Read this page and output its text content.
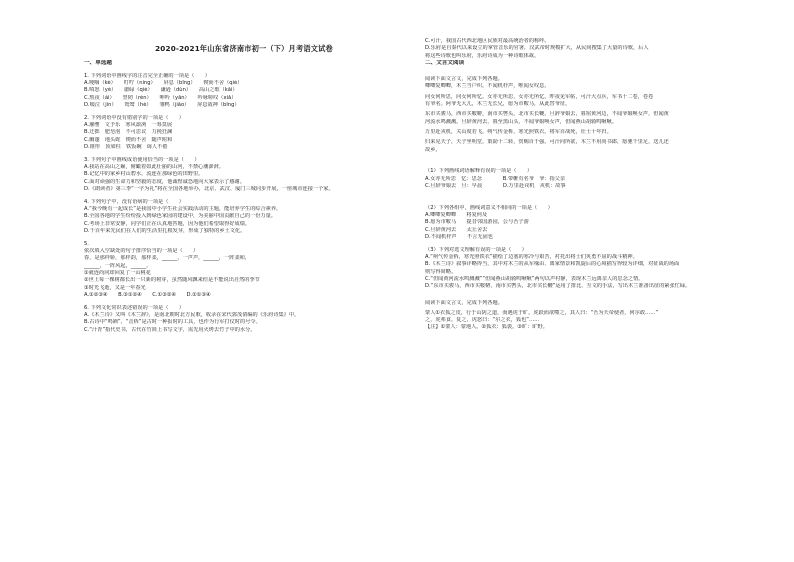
2020-2021年山东省济南市初一（下）月考语文试卷
一、单选题
1. 下列词语中画线字的注音完全正确的一项是（　　）
A.哽咽（kè）　　叮咛（níng）　　屏息（bǐng）　　锲而不舍（qiè）
B.嗔怒（yè）　　庸碌（qiè）　　谦逊（dùn）　　高山之歌（kǎi）
C.熬夜（ái）　　坚韧（rèn）　　呻吟（yān）　　吟咏嗟叹（xiǎ）
D.啜泣（jìn）　　鸳鸯（hè）　　雏鸭（jiǎo）　　屏息敛神（bǐng）
2. 下列词语中没有错别字的一项是（　　）
A.濯缨　文予乐　寒风凛冽　一筹莫展
B.迂拙　肥皂泡　不可思议　力挽狂澜
C.幽邃　地头蛇　锲而不舍　随声附和
D.锥形　顶梁柱　铁饭碗　诲人不倦
3. 下列句子中画线成语使用恰当的一项是（　　）
A.我站在高山之巅，俯瞰着如此壮丽的山河，不禁心潮澎湃。
B.记忆中的家乡村山碧水，流连在那绿色的田野里。
C.面对顽强的生命力和坚毅的态度，他诚惶诚恐地向大家表示了感谢。
D.《朗读者》第三季“一字为礼”将在全国各地举办，北京、武汉、厦门三城同步开展，一座城市连接一个家。
4. 下列句子中，没有语病的一项是（　　）
A.“我今晚有一起成长”是我国中小学生社会实践活动的主题，能培养学生的综合素养。
B.全国各地的学生纷纷投入到绿色家园的建设中，为美丽中国贡献自己的一份力量。
C.考场上非常安静，同学们正在认真地答题，因为他们希望取得好成绩。
D.千百年来先民们在人们的生活里扎根发芽，形成了独特的乡土文化。
5.
依次填入空缺处的句子排序恰当的一项是（　　）
春，是那样娇，那样韵，那样柔，______，一声声，______，一阵柔和，
______，一阵风起，______。
①就连尚问却回复了一山桃花
②世上每一棵树都长出一只新的树芽，虽然随风飘来但是不能说出自然的季节
③时光飞逝，又是一年春光
A.①②③④　　B.③①②④　　C.①③②④　　D.②①③④
6. 下列文化常识表述错误的一项是（　　）
A.《木兰诗》又叫《木兰辞》，是南北朝时北方民歌，收录在宋代郭茂倩编的《乐府诗集》中。
B.古诗中“鸣镝”、“击柝”是古时一种报时的工具，也作为行军打仗时的号令。
C.“汗青”指代史书，古代在竹简上书写文字，需先用火烤去竹子中的水分。
C.可汗，我国古代西北地区民族对最高统治者的称呼。
D.乐府是自秦代以来设立的掌管音乐的官署，汉武帝时规模扩大，从民间搜集了大量的诗歌，后人
将这些诗歌也叫乐府，乐府诗成为一种诗歌体裁。
二、文言文阅读
阅读下面文言文，完成下列各题。
唧唧复唧唧，木兰当户织。不闻机杼声，唯闻女叹息。
问女何所思，问女何所忆。女亦无所思，女亦无所忆。昨夜见军帖，可汗大点兵，军书十二卷，卷卷
有爷名。阿爷无大儿，木兰无长兄，愿为市鞍马，从此替爷征。
东市买骏马，西市买鞍鞯，南市买辔头，北市买长鞭。旦辞爷娘去，暮宿黄河边，不闻爷娘唤女声，但闻黄
河流水鸣溅溅。旦辞黄河去，暮至黑山头，不闻爷娘唤女声，但闻燕山胡骑鸣啾啾。
万里赴戎机，关山度若飞。朔气传金柝，寒光照铁衣。将军百战死，壮士十年归。
归来见天子，天子坐明堂。策勋十二转，赏赐百千强。可汗问所欲，木兰不用尚书郎，愿驰千里足，送儿还
故乡。
（1）下列画线词语解释有误的一项是（　　）
A.女亦无所思　忆：思念　　　　B.带帷有名爷　爷：指父亲
C.旦辞爷娘去　旦：早晨　　　　D.万里赴戎机　戎机：故事
（2）下列各组中，画线词意义不相同的一项是（　　）
A.唧唧复唧唧　　将复何及
B.愿为市鞍马　　提昔邻国游园，公与吾子游
C.旦辞黄河去　　太丘舍去
D.不闻机杼声　　不言无固也
（3）下列对选文理解有误的一项是（　　）
A.“朔气传金柝，寒光照铁衣”描绘了边塞的寒冷与艰苦，衬托出将士们英勇不屈的战斗精神。
B.《木兰诗》叙事详略得当，其中对木兰的从军缘由、离家情景和凯旋后的心境描写得较为详细，对征战的场面
则写得简略。
C.“但闻黄河流水鸣溅溅”“但闻燕山胡骑鸣啾啾”两句以声衬静，表现木兰远离亲人的思念之情。
D.“东市买骏马，西市买鞍鞯，南市买辔头，北市买长鞭”运用了排比、互文的手法，写出木兰准备出征的紧张忙碌。
阅读下面文言文，完成下列各题。
蒙人①衣狐之皮，行于山阴之道，而遇虎于旷。虎跃而欲噬之，其人曰：“吾为天帝使者，何尔敢……”
之，虎弗食。复之，虎怒曰：“尔之衣，狐也”……
【注】①蒙人：蒙地人。②狐衣：狐裘。③旷：旷野。
